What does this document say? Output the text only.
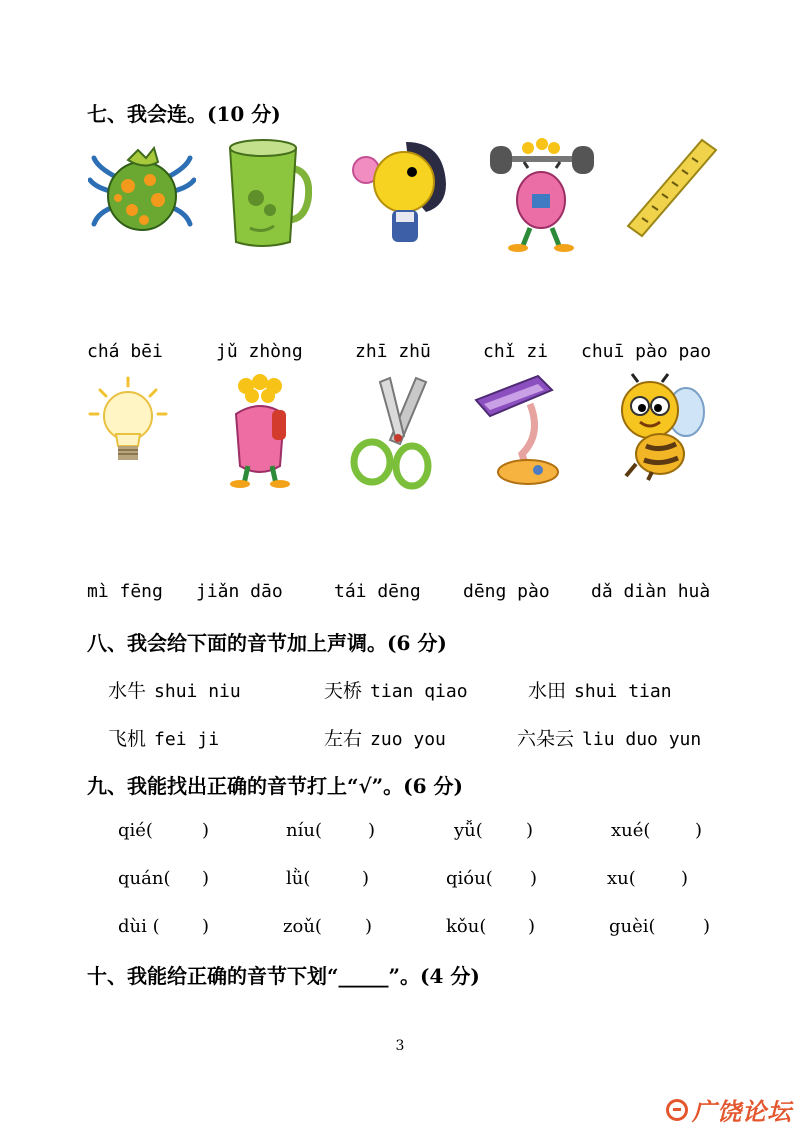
七、我会连。(10 分)
chá bēi	jǔ zhòng	zhī zhū	chǐ zi chuī pào pao
mì fēng jiǎn dāo	tái dēng dēng pào dǎ diàn huà
八、我会给下面的音节加上声调。(6 分)
水牛 shui niu	天桥 tian qiao	水田 shui tian
飞机 fei ji	左右 zuo you	六朵云 liu duo yun
九、我能找出正确的音节打上“√”。(6 分)
qié(	)	níu(	)	yǚ( )	xué( )
quán( )	lǜ(	)	qióu( )	xu(	)
dùi ( )	zoǔ( )	kǒu( )	guèi(	)
十、我能给正确的音节下划“_____”。(4 分)
3
广饶论坛
